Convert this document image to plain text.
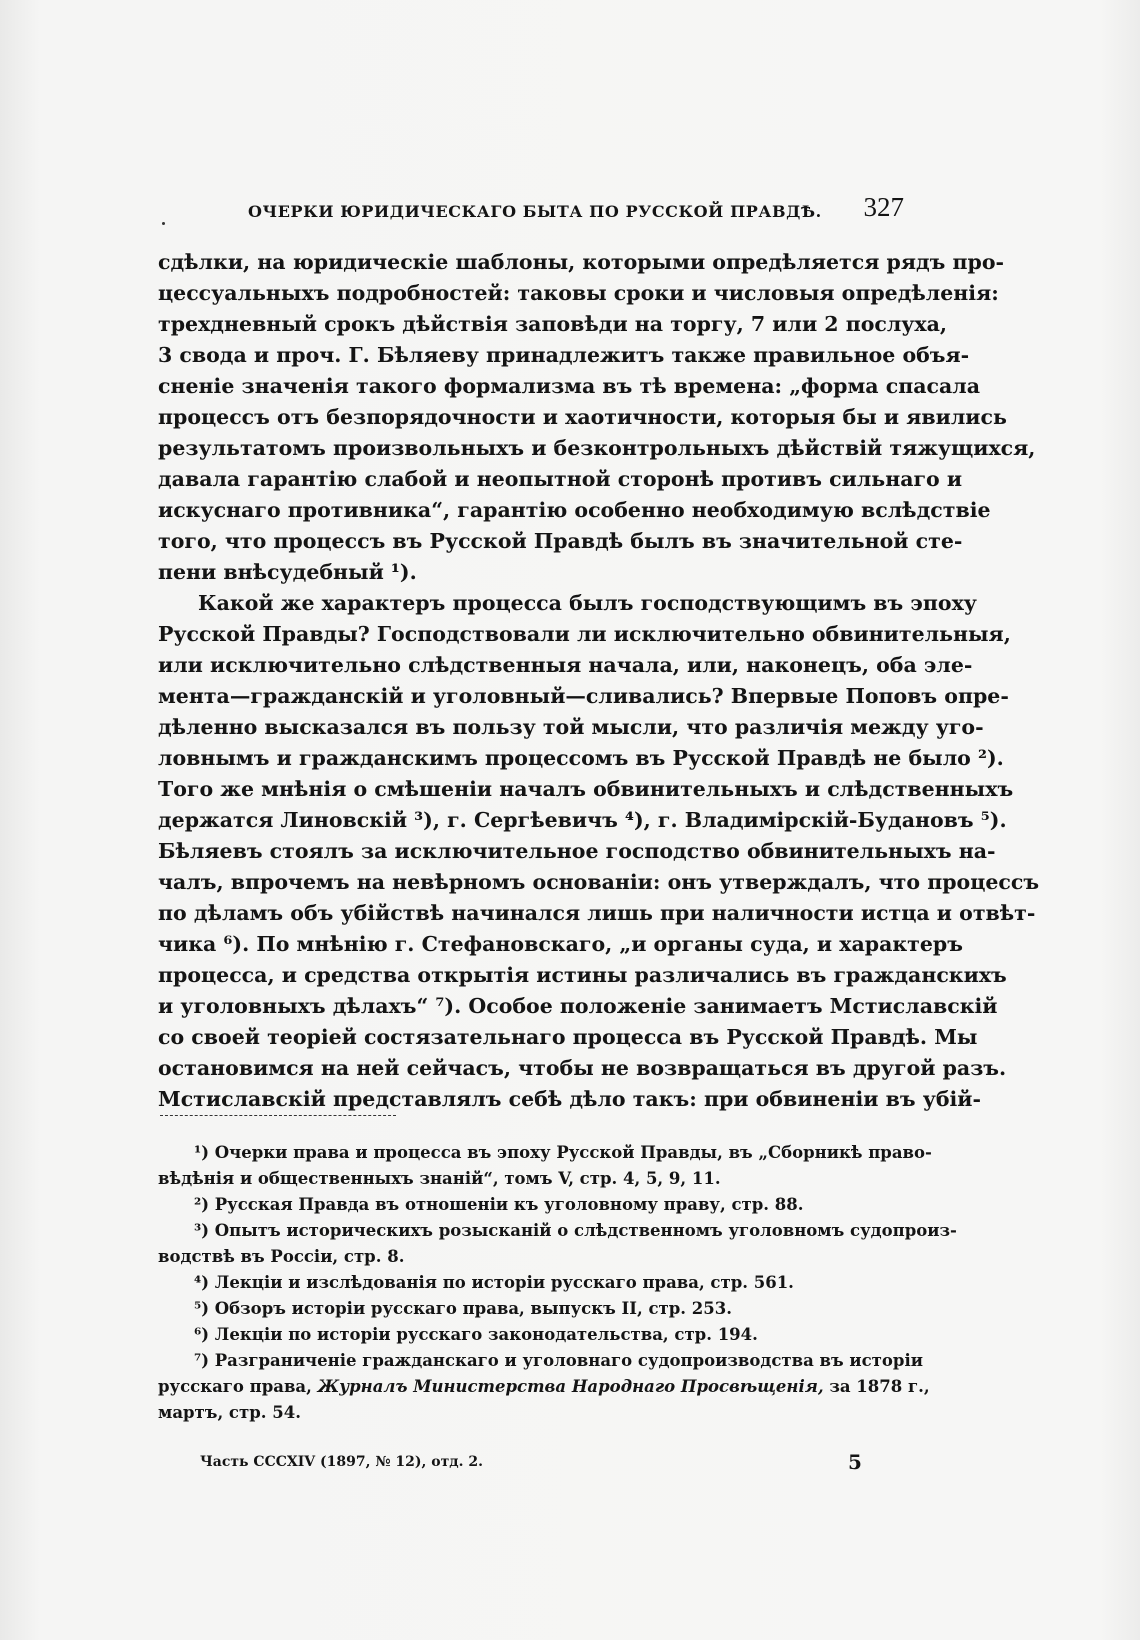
ОЧЕРКИ ЮРИДИЧЕСКАГО БЫТА ПО РУССКОЙ ПРАВДѢ. 327
сдѣлки, на юридическіе шаблоны, которыми опредѣляется рядъ про-
цессуальныхъ подробностей: таковы сроки и числовыя опредѣленія:
трехдневный срокъ дѣйствія заповѣди на торгу, 7 или 2 послуха,
3 свода и проч. Г. Бѣляеву принадлежитъ также правильное объя-
сненіе значенія такого формализма въ тѣ времена: „форма спасала
процессъ отъ безпорядочности и хаотичности, которыя бы и явились
результатомъ произвольныхъ и безконтрольныхъ дѣйствій тяжущихся,
давала гарантію слабой и неопытной сторонѣ противъ сильнаго и
искуснаго противника“, гарантію особенно необходимую вслѣдствіе
того, что процессъ въ Русской Правдѣ былъ въ значительной сте-
пени внѣсудебный ¹).
Какой же характеръ процесса былъ господствующимъ въ эпоху
Русской Правды? Господствовали ли исключительно обвинительныя,
или исключительно слѣдственныя начала, или, наконецъ, оба эле-
мента—гражданскій и уголовный—сливались? Впервые Поповъ опре-
дѣленно высказался въ пользу той мысли, что различія между уго-
ловнымъ и гражданскимъ процессомъ въ Русской Правдѣ не было ²).
Того же мнѣнія о смѣшеніи началъ обвинительныхъ и слѣдственныхъ
держатся Линовскій ³), г. Сергѣевичъ ⁴), г. Владимірскій-Будановъ ⁵).
Бѣляевъ стоялъ за исключительное господство обвинительныхъ на-
чалъ, впрочемъ на невѣрномъ основаніи: онъ утверждалъ, что процессъ
по дѣламъ объ убійствѣ начинался лишь при наличности истца и отвѣт-
чика ⁶). По мнѣнію г. Стефановскаго, „и органы суда, и характеръ
процесса, и средства открытія истины различались въ гражданскихъ
и уголовныхъ дѣлахъ“ ⁷). Особое положеніе занимаетъ Мстиславскій
со своей теоріей состязательнаго процесса въ Русской Правдѣ. Мы
остановимся на ней сейчасъ, чтобы не возвращаться въ другой разъ.
Мстиславскій представлялъ себѣ дѣло такъ: при обвиненіи въ убій-
¹) Очерки права и процесса въ эпоху Русской Правды, въ „Сборникѣ право-
вѣдѣнія и общественныхъ знаній“, томъ V, стр. 4, 5, 9, 11.
²) Русская Правда въ отношеніи къ уголовному праву, стр. 88.
³) Опытъ историческихъ розысканій о слѣдственномъ уголовномъ судопроиз-
водствѣ въ Россіи, стр. 8.
⁴) Лекціи и изслѣдованія по исторіи русскаго права, стр. 561.
⁵) Обзоръ исторіи русскаго права, выпускъ II, стр. 253.
⁶) Лекціи по исторіи русскаго законодательства, стр. 194.
⁷) Разграниченіе гражданскаго и уголовнаго судопроизводства въ исторіи
русскаго права, Журналъ Министерства Народнаго Просвѣщенія, за 1878 г.,
мартъ, стр. 54.
Часть CCCXIV (1897, № 12), отд. 2.	5
